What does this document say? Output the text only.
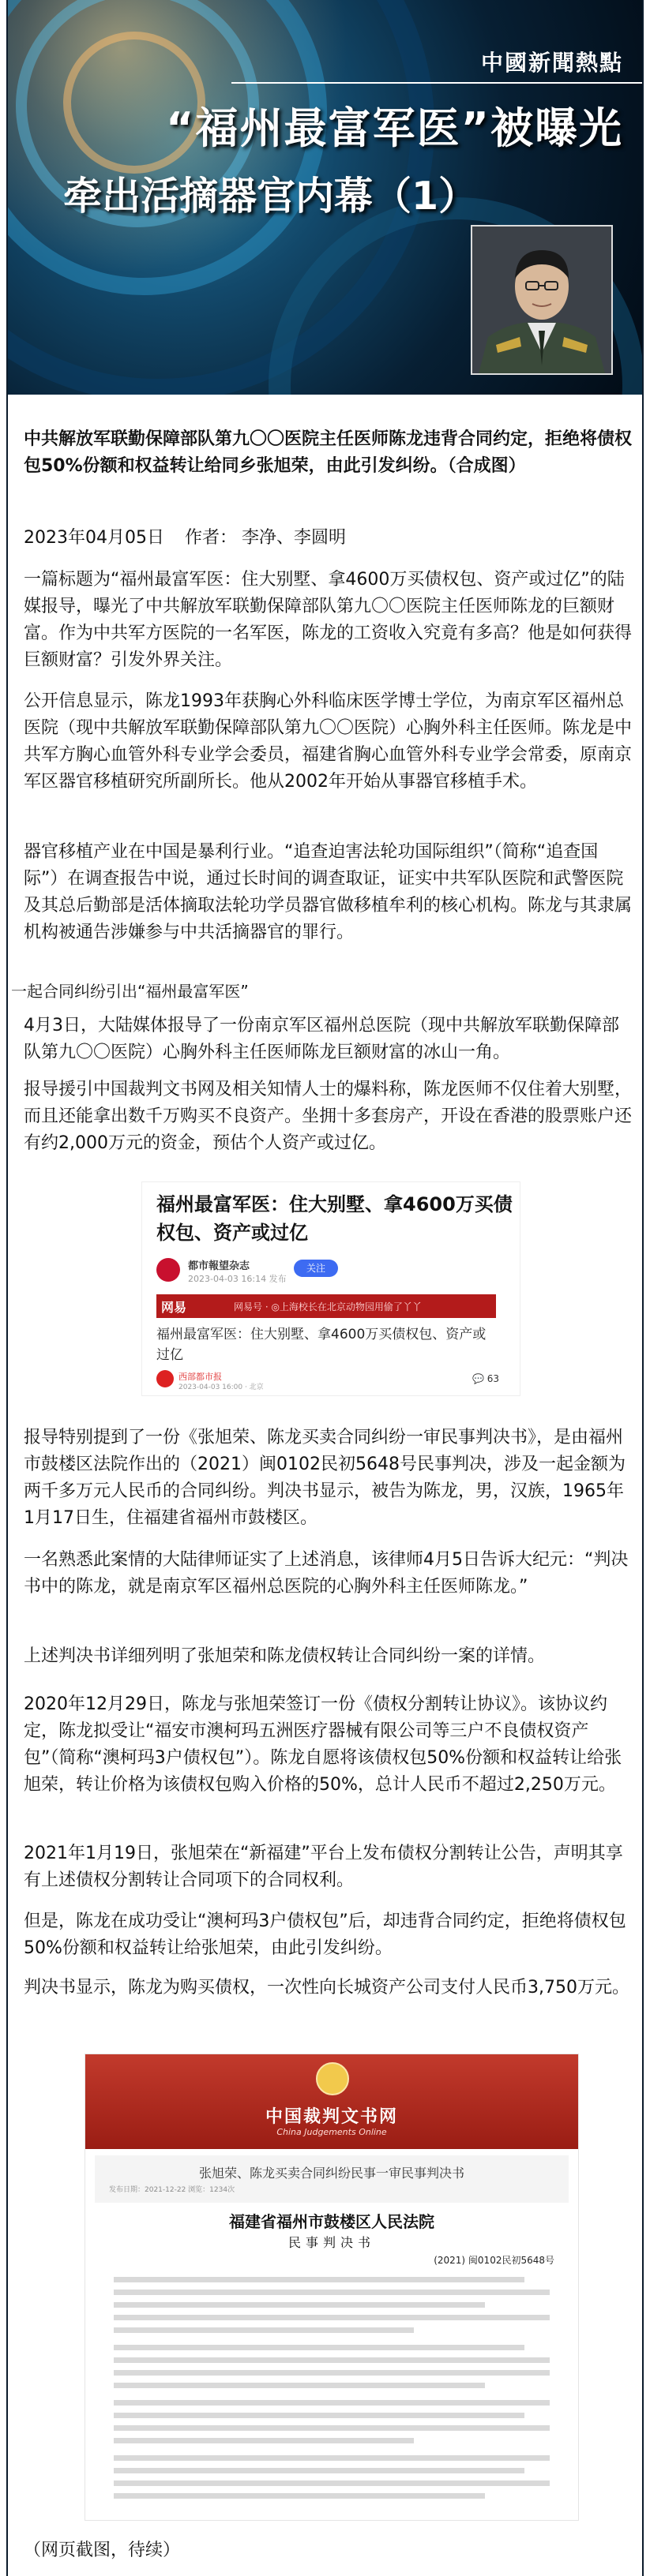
中國新聞熱點
“福州最富军医”被曝光
牵出活摘器官内幕（1）

中共解放军联勤保障部队第九〇〇医院主任医师陈龙违背合同约定，拒绝将债权包50%份额和权益转让给同乡张旭荣，由此引发纠纷。（合成图）

2023年04月05日 作者： 李净、李圆明

一篇标题为“福州最富军医：住大别墅、拿4600万买债权包、资产或过亿”的陆媒报导，曝光了中共解放军联勤保障部队第九〇〇医院主任医师陈龙的巨额财富。作为中共军方医院的一名军医，陈龙的工资收入究竟有多高？他是如何获得巨额财富？引发外界关注。

公开信息显示，陈龙1993年获胸心外科临床医学博士学位，为南京军区福州总医院（现中共解放军联勤保障部队第九〇〇医院）心胸外科主任医师。陈龙是中共军方胸心血管外科专业学会委员，福建省胸心血管外科专业学会常委，原南京军区器官移植研究所副所长。他从2002年开始从事器官移植手术。

器官移植产业在中国是暴利行业。“追查迫害法轮功国际组织”（简称“追查国际”）在调查报告中说，通过长时间的调查取证，证实中共军队医院和武警医院及其总后勤部是活体摘取法轮功学员器官做移植牟利的核心机构。陈龙与其隶属机构被通告涉嫌参与中共活摘器官的罪行。

一起合同纠纷引出“福州最富军医”

4月3日，大陆媒体报导了一份南京军区福州总医院（现中共解放军联勤保障部队第九〇〇医院）心胸外科主任医师陈龙巨额财富的冰山一角。

报导援引中国裁判文书网及相关知情人士的爆料称，陈龙医师不仅住着大别墅，而且还能拿出数千万购买不良资产。坐拥十多套房产，开设在香港的股票账户还有约2,000万元的资金，预估个人资产或过亿。

福州最富军医：住大别墅、拿4600万买债权包、资产或过亿
都市報望杂志
2023-04-03 16:14 发布
关注
网易	网易号 · ◎上海校长在北京动物园用偷了丫丫
福州最富军医：住大别墅、拿4600万买债权包、资产或过亿
西部都市报
2023-04-03 16:00 · 北京
💬 63

报导特别提到了一份《张旭荣、陈龙买卖合同纠纷一审民事判决书》，是由福州市鼓楼区法院作出的（2021）闽0102民初5648号民事判决，涉及一起金额为两千多万元人民币的合同纠纷。判决书显示，被告为陈龙，男，汉族，1965年1月17日生，住福建省福州市鼓楼区。

一名熟悉此案情的大陆律师证实了上述消息，该律师4月5日告诉大纪元：“判决书中的陈龙，就是南京军区福州总医院的心胸外科主任医师陈龙。”

上述判决书详细列明了张旭荣和陈龙债权转让合同纠纷一案的详情。

2020年12月29日，陈龙与张旭荣签订一份《债权分割转让协议》。该协议约定，陈龙拟受让“福安市澳柯玛五洲医疗器械有限公司等三户不良债权资产包”（简称“澳柯玛3户债权包”）。陈龙自愿将该债权包50%份额和权益转让给张旭荣，转让价格为该债权包购入价格的50%，总计人民币不超过2,250万元。

2021年1月19日，张旭荣在“新福建”平台上发布债权分割转让公告，声明其享有上述债权分割转让合同项下的合同权利。

但是，陈龙在成功受让“澳柯玛3户债权包”后，却违背合同约定，拒绝将债权包50%份额和权益转让给张旭荣，由此引发纠纷。

判决书显示，陈龙为购买债权，一次性向长城资产公司支付人民币3,750万元。

中国裁判文书网
China Judgements Online
张旭荣、陈龙买卖合同纠纷民事一审民事判决书
发布日期：2021-12-22 浏览：1234次
福建省福州市鼓楼区人民法院
民事判决书
(2021) 闽0102民初5648号
（网页截图，待续）
